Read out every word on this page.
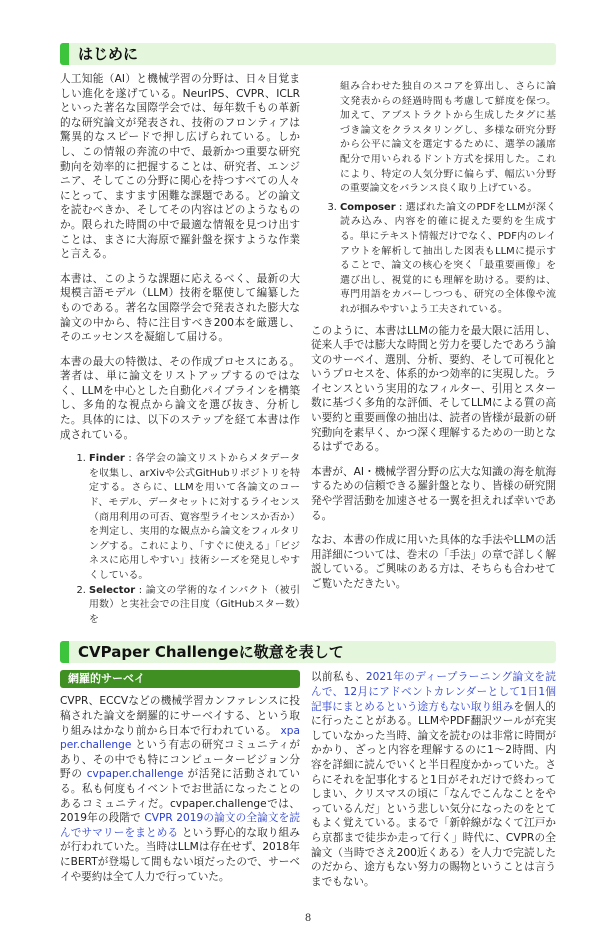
はじめに

人工知能（AI）と機械学習の分野は、日々目覚ましい進化を遂げている。NeurIPS、CVPR、ICLRといった著名な国際学会では、毎年数千もの革新的な研究論文が発表され、技術のフロンティアは驚異的なスピードで押し広げられている。しかし、この情報の奔流の中で、最新かつ重要な研究動向を効率的に把握することは、研究者、エンジニア、そしてこの分野に関心を持つすべての人々にとって、ますます困難な課題である。どの論文を読むべきか、そしてその内容はどのようなものか。限られた時間の中で最適な情報を見つけ出すことは、まさに大海原で羅針盤を探すような作業と言える。

本書は、このような課題に応えるべく、最新の大規模言語モデル（LLM）技術を駆使して編纂したものである。著名な国際学会で発表された膨大な論文の中から、特に注目すべき200本を厳選し、そのエッセンスを凝縮して届ける。

本書の最大の特徴は、その作成プロセスにある。著者は、単に論文をリストアップするのではなく、LLMを中心とした自動化パイプラインを構築し、多角的な視点から論文を選び抜き、分析した。具体的には、以下のステップを経て本書は作成されている。

1. Finder : 各学会の論文リストからメタデータを収集し、arXivや公式GitHubリポジトリを特定する。さらに、LLMを用いて各論文のコード、モデル、データセットに対するライセンス（商用利用の可否、寛容型ライセンスか否か）を判定し、実用的な観点から論文をフィルタリングする。これにより、「すぐに使える」「ビジネスに応用しやすい」技術シーズを発見しやすくしている。
2. Selector : 論文の学術的なインパクト（被引用数）と実社会での注目度（GitHubスター数）を
組み合わせた独自のスコアを算出し、さらに論文発表からの経過時間も考慮して鮮度を保つ。加えて、アブストラクトから生成したタグに基づき論文をクラスタリングし、多様な研究分野から公平に論文を選定するために、選挙の議席配分で用いられるドント方式を採用した。これにより、特定の人気分野に偏らず、幅広い分野の重要論文をバランス良く取り上げている。
3. Composer : 選ばれた論文のPDFをLLMが深く読み込み、内容を的確に捉えた要約を生成する。単にテキスト情報だけでなく、PDF内のレイアウトを解析して抽出した図表もLLMに提示することで、論文の核心を突く「最重要画像」を選び出し、視覚的にも理解を助ける。要約は、専門用語をカバーしつつも、研究の全体像や流れが掴みやすいよう工夫されている。

このように、本書はLLMの能力を最大限に活用し、従来人手では膨大な時間と労力を要したであろう論文のサーベイ、選別、分析、要約、そして可視化というプロセスを、体系的かつ効率的に実現した。ライセンスという実用的なフィルター、引用とスター数に基づく多角的な評価、そしてLLMによる質の高い要約と重要画像の抽出は、読者の皆様が最新の研究動向を素早く、かつ深く理解するための一助となるはずである。

本書が、AI・機械学習分野の広大な知識の海を航海するための信頼できる羅針盤となり、皆様の研究開発や学習活動を加速させる一翼を担えれば幸いである。

なお、本書の作成に用いた具体的な手法やLLMの活用詳細については、巻末の「手法」の章で詳しく解説している。ご興味のある方は、そちらも合わせてご覧いただきたい。

CVPaper Challengeに敬意を表して
網羅的サーベイ

CVPR、ECCVなどの機械学習カンファレンスに投稿された論文を網羅的にサーベイする、という取り組みはかなり前から日本で行われている。 xpaper.challenge という有志の研究コミュニティがあり、その中でも特にコンピュータービジョン分野の cvpaper.challenge が活発に活動されている。私も何度もイベントでお世話になったことのあるコミュニティだ。cvpaper.challengeでは、2019年の段階で CVPR 2019の論文の全論文を読んでサマリーをまとめる という野心的な取り組みが行われていた。当時はLLMは存在せず、2018年にBERTが登場して間もない頃だったので、サーベイや要約は全て人力で行っていた。

以前私も、2021年のディープラーニング論文を読んで、12月にアドベントカレンダーとして1日1個記事にまとめるという途方もない取り組みを個人的に行ったことがある。LLMやPDF翻訳ツールが充実していなかった当時、論文を読むのは非常に時間がかかり、ざっと内容を理解するのに1～2時間、内容を詳細に読んでいくと半日程度かかっていた。さらにそれを記事化すると1日がそれだけで終わってしまい、クリスマスの頃に「なんでこんなことをやっているんだ」という悲しい気分になったのをとてもよく覚えている。まるで「新幹線がなくて江戸から京都まで徒歩か走って行く」時代に、CVPRの全論文（当時でさえ200近くある）を人力で完読したのだから、途方もない努力の賜物ということは言うまでもない。

8
